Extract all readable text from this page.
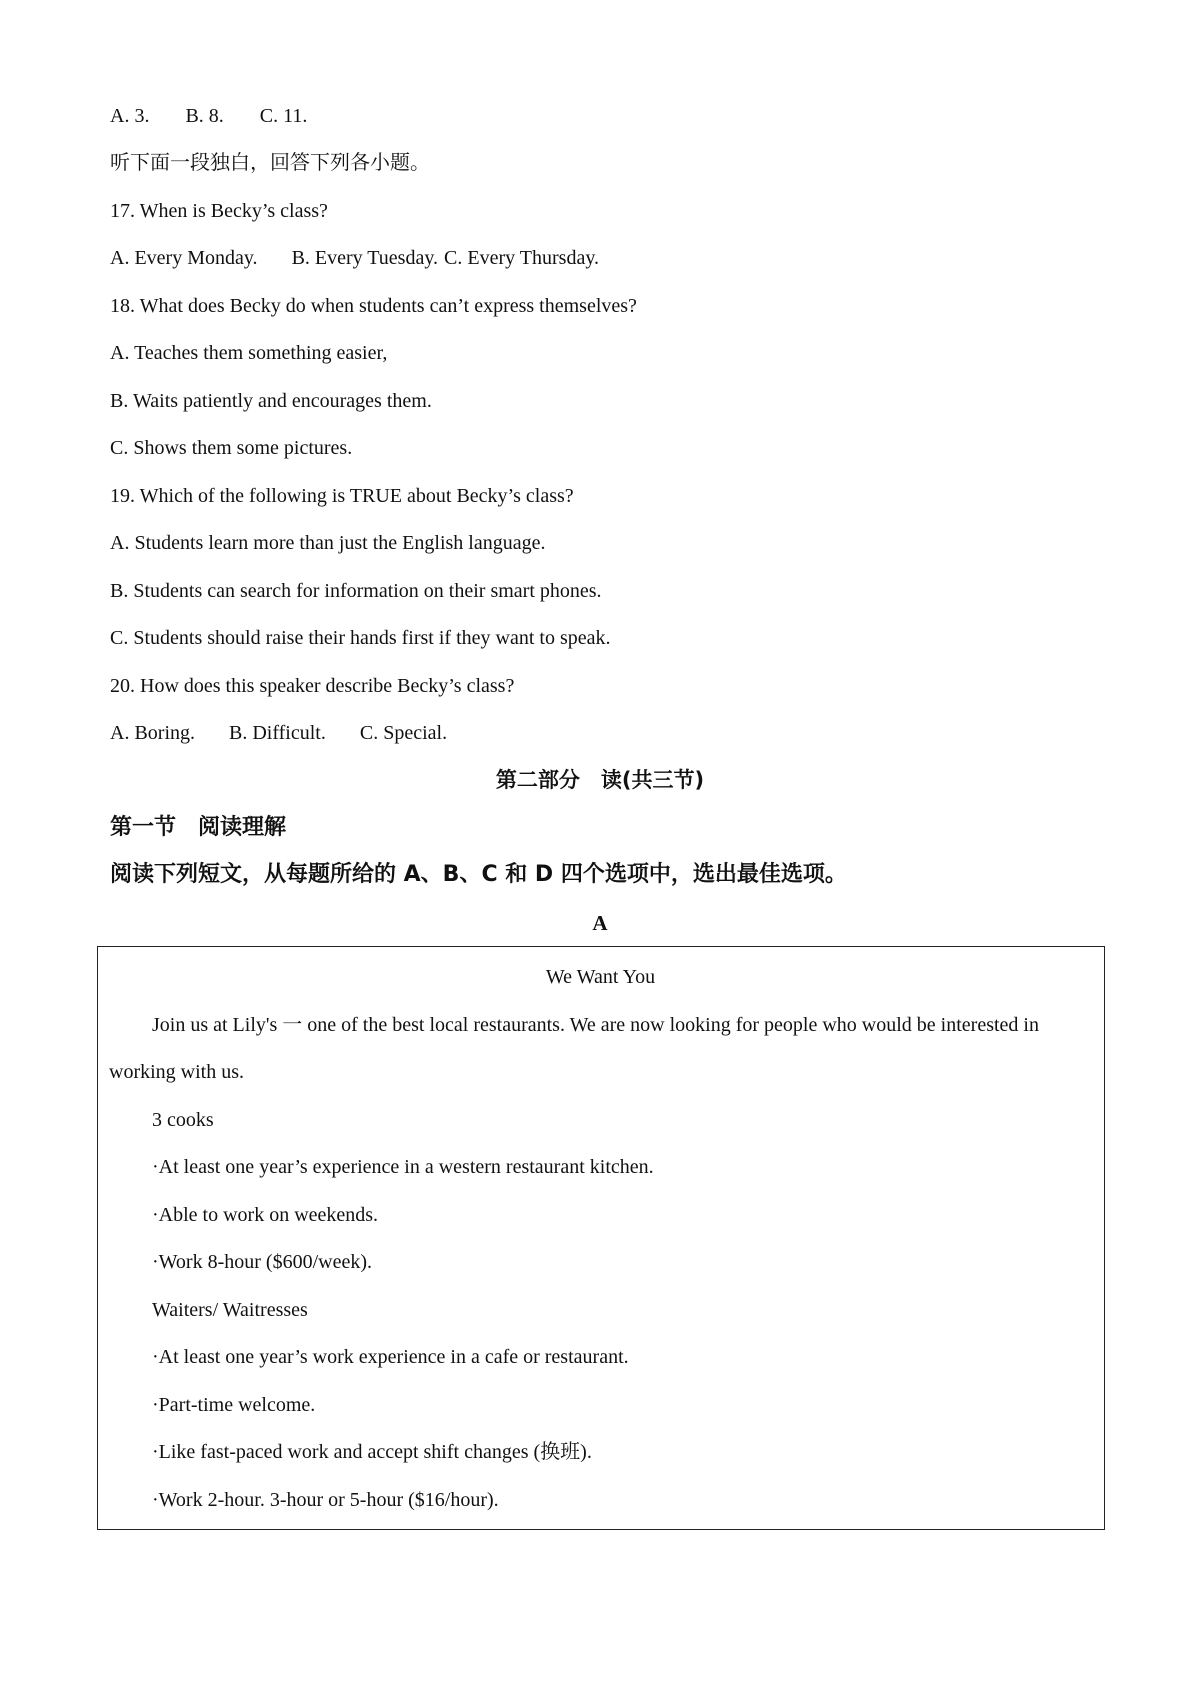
A. 3. B. 8. C. 11.
听下面一段独白，回答下列各小题。
17. When is Becky’s class?
A. Every Monday. B. Every Tuesday. C. Every Thursday.
18. What does Becky do when students can’t express themselves?
A. Teaches them something easier,
B. Waits patiently and encourages them.
C. Shows them some pictures.
19. Which of the following is TRUE about Becky’s class?
A. Students learn more than just the English language.
B. Students can search for information on their smart phones.
C. Students should raise their hands first if they want to speak.
20. How does this speaker describe Becky’s class?
A. Boring. B. Difficult. C. Special.
第二部分　读(共三节)
第一节　阅读理解
阅读下列短文，从每题所给的 A、B、C 和 D 四个选项中，选出最佳选项。
A
We Want You
Join us at Lily's 一 one of the best local restaurants. We are now looking for people who would be interested in
working with us.
3 cooks
·At least one year’s experience in a western restaurant kitchen.
·Able to work on weekends.
·Work 8-hour ($600/week).
Waiters/ Waitresses
·At least one year’s work experience in a cafe or restaurant.
·Part-time welcome.
·Like fast-paced work and accept shift changes (换班).
·Work 2-hour. 3-hour or 5-hour ($16/hour).
